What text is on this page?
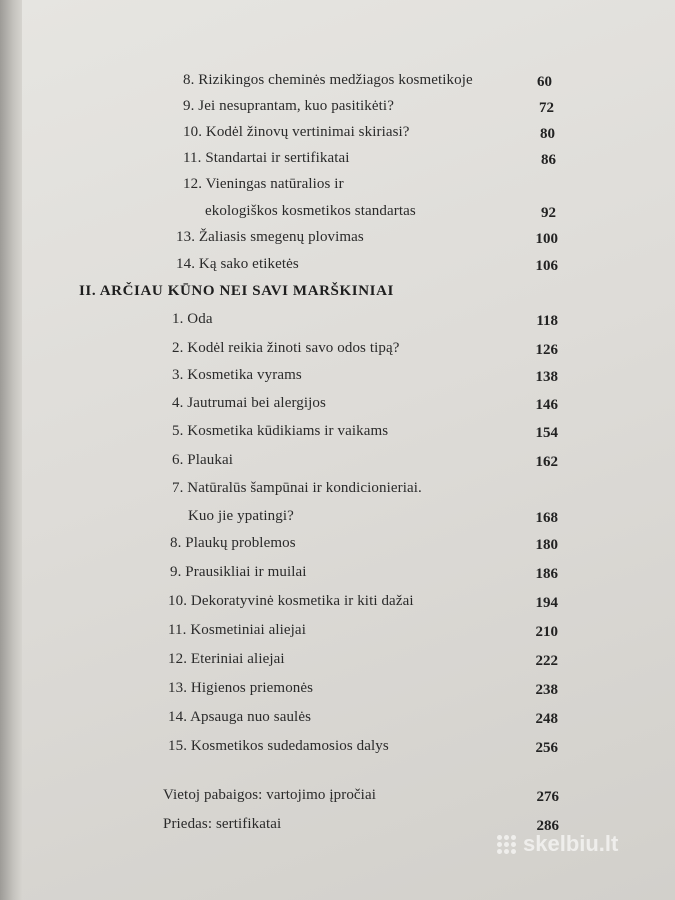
8. Rizikingos cheminės medžiagos kosmetikoje	60
9. Jei nesuprantam, kuo pasitikėti?	72
10. Kodėl žinovų vertinimai skiriasi?	80
11. Standartai ir sertifikatai	86
12. Vieningas natūralios ir
ekologiškos kosmetikos standartas	92
13. Žaliasis smegenų plovimas	100
14. Ką sako etiketės	106
II. ARČIAU KŪNO NEI SAVI MARŠKINIAI
1. Oda	118
2. Kodėl reikia žinoti savo odos tipą?	126
3. Kosmetika vyrams	138
4. Jautrumai bei alergijos	146
5. Kosmetika kūdikiams ir vaikams	154
6. Plaukai	162
7. Natūralūs šampūnai ir kondicionieriai.
Kuo jie ypatingi?	168
8. Plaukų problemos	180
9. Prausikliai ir muilai	186
10. Dekoratyvinė kosmetika ir kiti dažai	194
11. Kosmetiniai aliejai	210
12. Eteriniai aliejai	222
13. Higienos priemonės	238
14. Apsauga nuo saulės	248
15. Kosmetikos sudedamosios dalys	256
Vietoj pabaigos: vartojimo įpročiai	276
Priedas: sertifikatai	286
skelbiu.lt
